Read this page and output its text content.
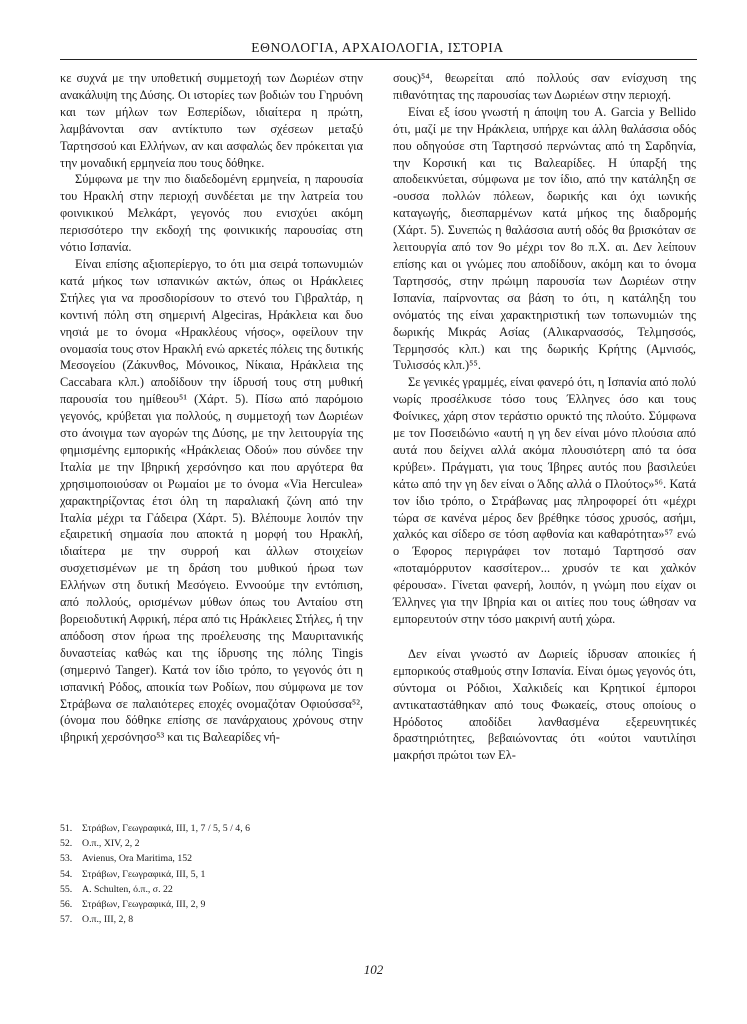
ΕΘΝΟΛΟΓΙΑ, ΑΡΧΑΙΟΛΟΓΙΑ, ΙΣΤΟΡΙΑ

κε συχνά με την υποθετική συμμετοχή των Δωριέων στην ανακάλυψη της Δύσης. Οι ιστορίες των βοδιών του Γηρυόνη και των μήλων των Εσπερίδων, ιδιαίτερα η πρώτη, λαμβάνονται σαν αντίκτυπο των σχέσεων μεταξύ Ταρτησσού και Ελλήνων, αν και ασφαλώς δεν πρόκειται για την μοναδική ερμηνεία που τους δόθηκε.

Σύμφωνα με την πιο διαδεδομένη ερμηνεία, η παρουσία του Ηρακλή στην περιοχή συνδέεται με την λατρεία του φοινικικού Μελκάρτ, γεγονός που ενισχύει ακόμη περισσότερο την εκδοχή της φοινικικής παρουσίας στη νότιο Ισπανία.

Είναι επίσης αξιοπερίεργο, το ότι μια σειρά τοπωνυμιών κατά μήκος των ισπανικών ακτών, όπως οι Ηράκλειες Στήλες για να προσδιορίσουν το στενό του Γιβραλτάρ, η κοντινή πόλη στη σημερινή Algeciras, Ηράκλεια και δυο νησιά με το όνομα «Ηρακλέους νήσος», οφείλουν την ονομασία τους στον Ηρακλή ενώ αρκετές πόλεις της δυτικής Μεσογείου (Ζάκυνθος, Μόνοικος, Νίκαια, Ηράκλεια της Caccabara κλπ.) αποδίδουν την ίδρυσή τους στη μυθική παρουσία του ημίθεου⁵¹ (Χάρτ. 5). Πίσω από παρόμοιο γεγονός, κρύβεται για πολλούς, η συμμετοχή των Δωριέων στο άνοιγμα των αγορών της Δύσης, με την λειτουργία της φημισμένης εμπορικής «Ηράκλειας Οδού» που σύνδεε την Ιταλία με την Ιβηρική χερσόνησο και που αργότερα θα χρησιμοποιούσαν οι Ρωμαίοι με το όνομα «Via Herculea» χαρακτηρίζοντας έτσι όλη τη παραλιακή ζώνη από την Ιταλία μέχρι τα Γάδειρα (Χάρτ. 5). Βλέπουμε λοιπόν την εξαιρετική σημασία που αποκτά η μορφή του Ηρακλή, ιδιαίτερα με την συρροή και άλλων στοιχείων συσχετισμένων με τη δράση του μυθικού ήρωα των Ελλήνων στη δυτική Μεσόγειο. Εννοούμε την εντόπιση, από πολλούς, ορισμένων μύθων όπως του Ανταίου στη βορειοδυτική Αφρική, πέρα από τις Ηράκλειες Στήλες, ή την απόδοση στον ήρωα της προέλευσης της Μαυριτανικής δυναστείας καθώς και της ίδρυσης της πόλης Tingis (σημερινό Tanger). Κατά τον ίδιο τρόπο, το γεγονός ότι η ισπανική Ρόδος, αποικία των Ροδίων, που σύμφωνα με τον Στράβωνα σε παλαιότερες εποχές ονομαζόταν Οφιούσσα⁵², (όνομα που δόθηκε επίσης σε πανάρχαιους χρόνους στην ιβηρική χερσόνησο⁵³ και τις Βαλεαρίδες νή-

σους)⁵⁴, θεωρείται από πολλούς σαν ενίσχυση της πιθανότητας της παρουσίας των Δωριέων στην περιοχή.

Είναι εξ ίσου γνωστή η άποψη του A. Garcia y Bellido ότι, μαζί με την Ηράκλεια, υπήρχε και άλλη θαλάσσια οδός που οδηγούσε στη Ταρτησσό περνώντας από τη Σαρδηνία, την Κορσική και τις Βαλεαρίδες. Η ύπαρξή της αποδεικνύεται, σύμφωνα με τον ίδιο, από την κατάληξη σε -ουσσα πολλών πόλεων, δωρικής και όχι ιωνικής καταγωγής, διεσπαρμένων κατά μήκος της διαδρομής (Χάρτ. 5). Συνεπώς η θαλάσσια αυτή οδός θα βρισκόταν σε λειτουργία από τον 9ο μέχρι τον 8ο π.Χ. αι. Δεν λείπουν επίσης και οι γνώμες που αποδίδουν, ακόμη και το όνομα Ταρτησσός, στην πρώιμη παρουσία των Δωριέων στην Ισπανία, παίρνοντας σα βάση το ότι, η κατάληξη του ονόματός της είναι χαρακτηριστική των τοπωνυμιών της δωρικής Μικράς Ασίας (Αλικαρνασσός, Τελμησσός, Τερμησσός κλπ.) και της δωρικής Κρήτης (Αμνισός, Τυλισσός κλπ.)⁵⁵.

Σε γενικές γραμμές, είναι φανερό ότι, η Ισπανία από πολύ νωρίς προσέλκυσε τόσο τους Έλληνες όσο και τους Φοίνικες, χάρη στον τεράστιο ορυκτό της πλούτο. Σύμφωνα με τον Ποσειδώνιο «αυτή η γη δεν είναι μόνο πλούσια από αυτά που δείχνει αλλά ακόμα πλουσιότερη από τα όσα κρύβει». Πράγματι, για τους Ίβηρες αυτός που βασιλεύει κάτω από την γη δεν είναι ο Άδης αλλά ο Πλούτος»⁵⁶. Κατά τον ίδιο τρόπο, ο Στράβωνας μας πληροφορεί ότι «μέχρι τώρα σε κανένα μέρος δεν βρέθηκε τόσος χρυσός, ασήμι, χαλκός και σίδερο σε τόση αφθονία και καθαρότητα»⁵⁷ ενώ ο Έφορος περιγράφει τον ποταμό Ταρτησσό σαν «ποταμόρρυτον κασσίτερον... χρυσόν τε και χαλκόν φέρουσα». Γίνεται φανερή, λοιπόν, η γνώμη που είχαν οι Έλληνες για την Ιβηρία και οι αιτίες που τους ώθησαν να εμπορευτούν στην τόσο μακρινή αυτή χώρα.

Δεν είναι γνωστό αν Δωριείς ίδρυσαν αποικίες ή εμπορικούς σταθμούς στην Ισπανία. Είναι όμως γεγονός ότι, σύντομα οι Ρόδιοι, Χαλκιδείς και Κρητικοί έμποροι αντικαταστάθηκαν από τους Φωκαείς, στους οποίους ο Ηρόδοτος αποδίδει λανθασμένα εξερευνητικές δραστηριότητες, βεβαιώνοντας ότι «ούτοι ναυτιλίησι μακρήσι πρώτοι των Ελ-

51. Στράβων, Γεωγραφικά, ΙΙΙ, 1, 7 / 5, 5 / 4, 6
52. Ο.π., XIV, 2, 2
53. Avienus, Ora Maritima, 152
54. Στράβων, Γεωγραφικά, ΙΙΙ, 5, 1
55. A. Schulten, ό.π., σ. 22
56. Στράβων, Γεωγραφικά, ΙΙΙ, 2, 9
57. Ο.π., ΙΙΙ, 2, 8
102
